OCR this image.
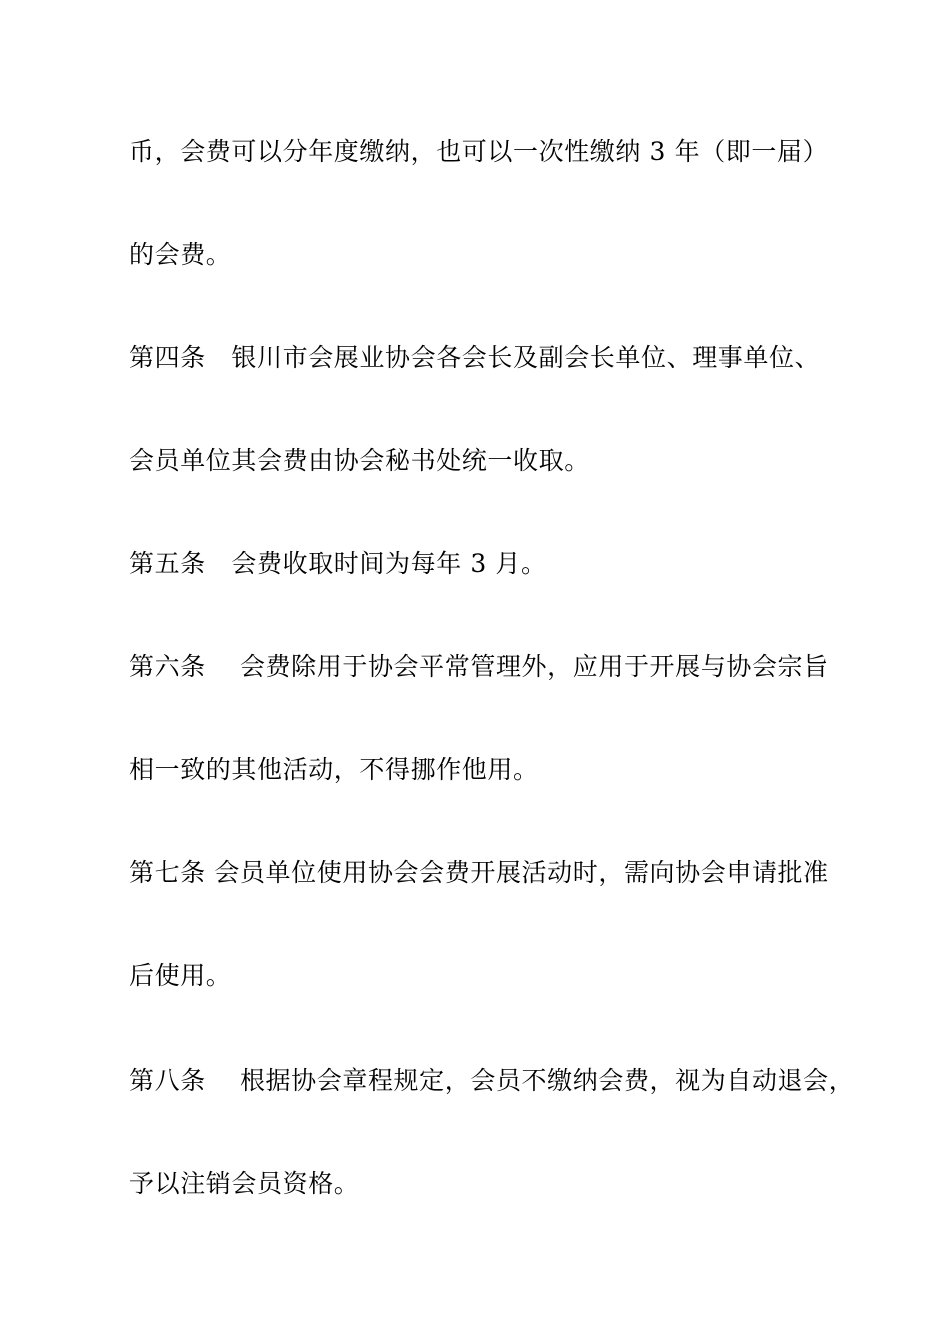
币，会费可以分年度缴纳，也可以一次性缴纳 3 年（即一届）
的会费。
第四条　银川市会展业协会各会长及副会长单位、理事单位、
会员单位其会费由协会秘书处统一收取。
第五条　会费收取时间为每年 3 月。
第六条　 会费除用于协会平常管理外，应用于开展与协会宗旨
相一致的其他活动，不得挪作他用。
第七条 会员单位使用协会会费开展活动时，需向协会申请批准
后使用。
第八条　 根据协会章程规定，会员不缴纳会费，视为自动退会，
予以注销会员资格。
